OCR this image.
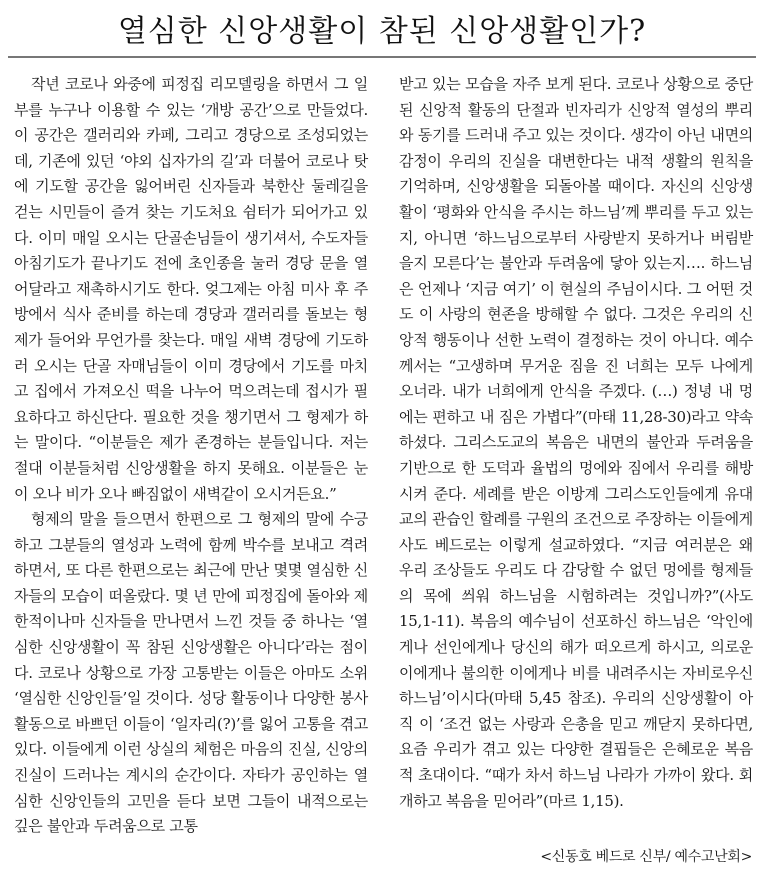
열심한 신앙생활이 참된 신앙생활인가?

작년 코로나 와중에 피정집 리모델링을 하면서 그 일부를 누구나 이용할 수 있는 ‘개방 공간’으로 만들었다. 이 공간은 갤러리와 카페, 그리고 경당으로 조성되었는데, 기존에 있던 ‘야외 십자가의 길’과 더불어 코로나 탓에 기도할 공간을 잃어버린 신자들과 북한산 둘레길을 걷는 시민들이 즐겨 찾는 기도처요 쉼터가 되어가고 있다. 이미 매일 오시는 단골손님들이 생기셔서, 수도자들 아침기도가 끝나기도 전에 초인종을 눌러 경당 문을 열어달라고 재촉하시기도 한다. 엊그제는 아침 미사 후 주방에서 식사 준비를 하는데 경당과 갤러리를 돌보는 형제가 들어와 무언가를 찾는다. 매일 새벽 경당에 기도하러 오시는 단골 자매님들이 이미 경당에서 기도를 마치고 집에서 가져오신 떡을 나누어 먹으려는데 접시가 필요하다고 하신단다. 필요한 것을 챙기면서 그 형제가 하는 말이다. “이분들은 제가 존경하는 분들입니다. 저는 절대 이분들처럼 신앙생활을 하지 못해요. 이분들은 눈이 오나 비가 오나 빠짐없이 새벽같이 오시거든요.”

형제의 말을 들으면서 한편으로 그 형제의 말에 수긍하고 그분들의 열성과 노력에 함께 박수를 보내고 격려하면서, 또 다른 한편으로는 최근에 만난 몇몇 열심한 신자들의 모습이 떠올랐다. 몇 년 만에 피정집에 돌아와 제한적이나마 신자들을 만나면서 느낀 것들 중 하나는 ‘열심한 신앙생활이 꼭 참된 신앙생활은 아니다’라는 점이다. 코로나 상황으로 가장 고통받는 이들은 아마도 소위 ‘열심한 신앙인들’일 것이다. 성당 활동이나 다양한 봉사활동으로 바쁘던 이들이 ‘일자리(?)’를 잃어 고통을 겪고 있다. 이들에게 이런 상실의 체험은 마음의 진실, 신앙의 진실이 드러나는 계시의 순간이다. 자타가 공인하는 열심한 신앙인들의 고민을 듣다 보면 그들이 내적으로는 깊은 불안과 두려움으로 고통

받고 있는 모습을 자주 보게 된다. 코로나 상황으로 중단된 신앙적 활동의 단절과 빈자리가 신앙적 열성의 뿌리와 동기를 드러내 주고 있는 것이다. 생각이 아닌 내면의 감정이 우리의 진실을 대변한다는 내적 생활의 원칙을 기억하며, 신앙생활을 되돌아볼 때이다. 자신의 신앙생활이 ‘평화와 안식을 주시는 하느님’께 뿌리를 두고 있는지, 아니면 ‘하느님으로부터 사랑받지 못하거나 버림받을지 모른다’는 불안과 두려움에 닿아 있는지…. 하느님은 언제나 ‘지금 여기’ 이 현실의 주님이시다. 그 어떤 것도 이 사랑의 현존을 방해할 수 없다. 그것은 우리의 신앙적 행동이나 선한 노력이 결정하는 것이 아니다. 예수께서는 “고생하며 무거운 짐을 진 너희는 모두 나에게 오너라. 내가 너희에게 안식을 주겠다. (…) 정녕 내 멍에는 편하고 내 짐은 가볍다”(마태 11,28-30)라고 약속하셨다. 그리스도교의 복음은 내면의 불안과 두려움을 기반으로 한 도덕과 율법의 멍에와 짐에서 우리를 해방시켜 준다. 세례를 받은 이방계 그리스도인들에게 유대교의 관습인 할례를 구원의 조건으로 주장하는 이들에게 사도 베드로는 이렇게 설교하였다. “지금 여러분은 왜 우리 조상들도 우리도 다 감당할 수 없던 멍에를 형제들의 목에 씌워 하느님을 시험하려는 것입니까?”(사도 15,1-11). 복음의 예수님이 선포하신 하느님은 ‘악인에게나 선인에게나 당신의 해가 떠오르게 하시고, 의로운 이에게나 불의한 이에게나 비를 내려주시는 자비로우신 하느님’이시다(마태 5,45 참조). 우리의 신앙생활이 아직 이 ‘조건 없는 사랑과 은총을 믿고 깨닫지 못하다면, 요즘 우리가 겪고 있는 다양한 결핍들은 은혜로운 복음적 초대이다. “때가 차서 하느님 나라가 가까이 왔다. 회개하고 복음을 믿어라”(마르 1,15).

<신동호 베드로 신부/ 예수고난회>
